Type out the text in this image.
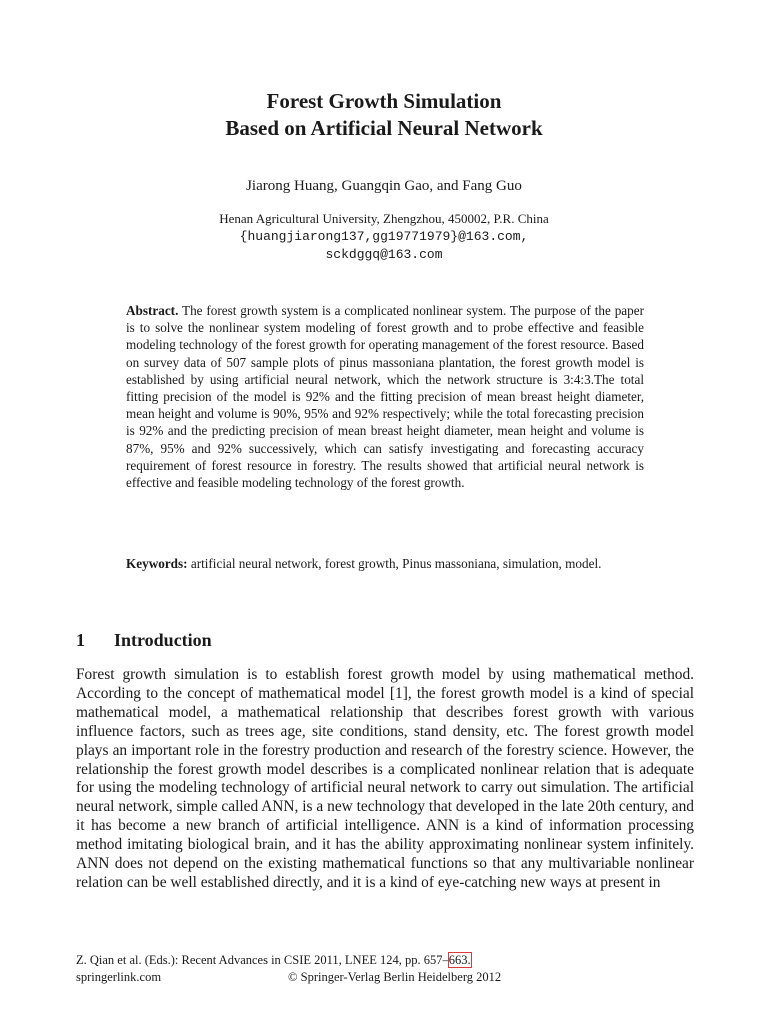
Forest Growth Simulation
Based on Artificial Neural Network
Jiarong Huang, Guangqin Gao, and Fang Guo
Henan Agricultural University, Zhengzhou, 450002, P.R. China
{huangjiarong137,gg19771979}@163.com,
sckdggq@163.com

Abstract. The forest growth system is a complicated nonlinear system. The purpose of the paper is to solve the nonlinear system modeling of forest growth and to probe effective and feasible modeling technology of the forest growth for operating management of the forest resource. Based on survey data of 507 sample plots of pinus massoniana plantation, the forest growth model is established by using artificial neural network, which the network structure is 3:4:3.The total fitting precision of the model is 92% and the fitting precision of mean breast height diameter, mean height and volume is 90%, 95% and 92% respectively; while the total forecasting precision is 92% and the predicting precision of mean breast height diameter, mean height and volume is 87%, 95% and 92% successively, which can satisfy investigating and forecasting accuracy requirement of forest resource in forestry. The results showed that artificial neural network is effective and feasible modeling technology of the forest growth.

Keywords: artificial neural network, forest growth, Pinus massoniana, simulation, model.

1 Introduction

Forest growth simulation is to establish forest growth model by using mathematical method. According to the concept of mathematical model [1], the forest growth model is a kind of special mathematical model, a mathematical relationship that describes forest growth with various influence factors, such as trees age, site conditions, stand density, etc. The forest growth model plays an important role in the forestry production and research of the forestry science. However, the relationship the forest growth model describes is a complicated nonlinear relation that is adequate for using the modeling technology of artificial neural network to carry out simulation. The artificial neural network, simple called ANN, is a new technology that developed in the late 20th century, and it has become a new branch of artificial intelligence. ANN is a kind of information processing method imitating biological brain, and it has the ability approximating nonlinear system infinitely. ANN does not depend on the existing mathematical functions so that any multivariable nonlinear relation can be well established directly, and it is a kind of eye-catching new ways at present in

Z. Qian et al. (Eds.): Recent Advances in CSIE 2011, LNEE 124, pp. 657–663.
springerlink.com	© Springer-Verlag Berlin Heidelberg 2012
